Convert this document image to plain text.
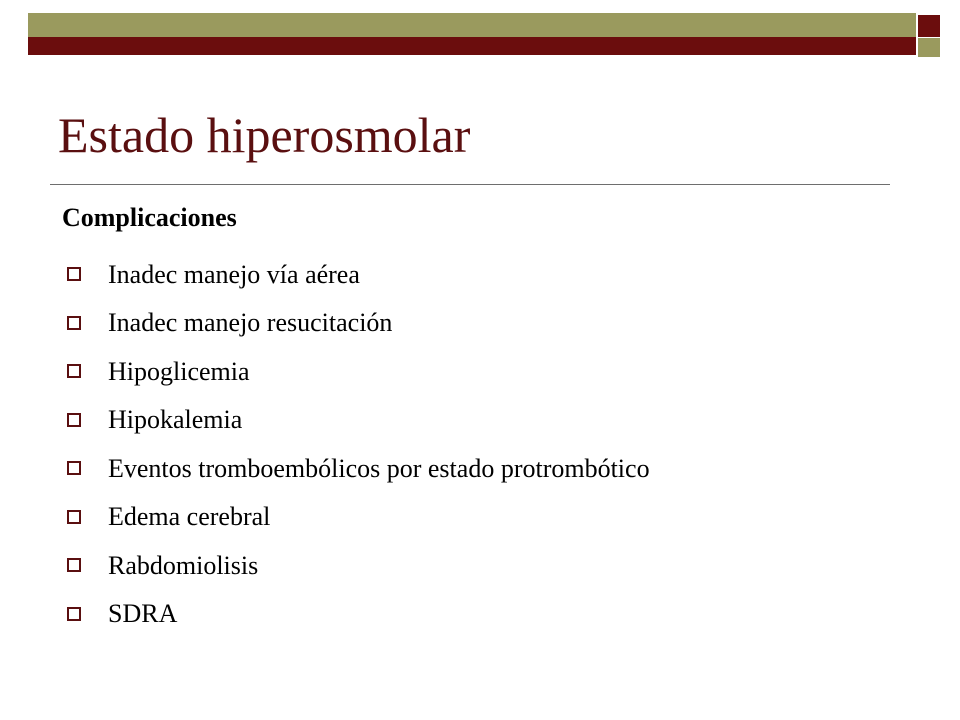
Estado hiperosmolar
Complicaciones
Inadec manejo vía aérea
Inadec manejo resucitación
Hipoglicemia
Hipokalemia
Eventos tromboembólicos por estado protrombótico
Edema cerebral
Rabdomiolisis
SDRA
